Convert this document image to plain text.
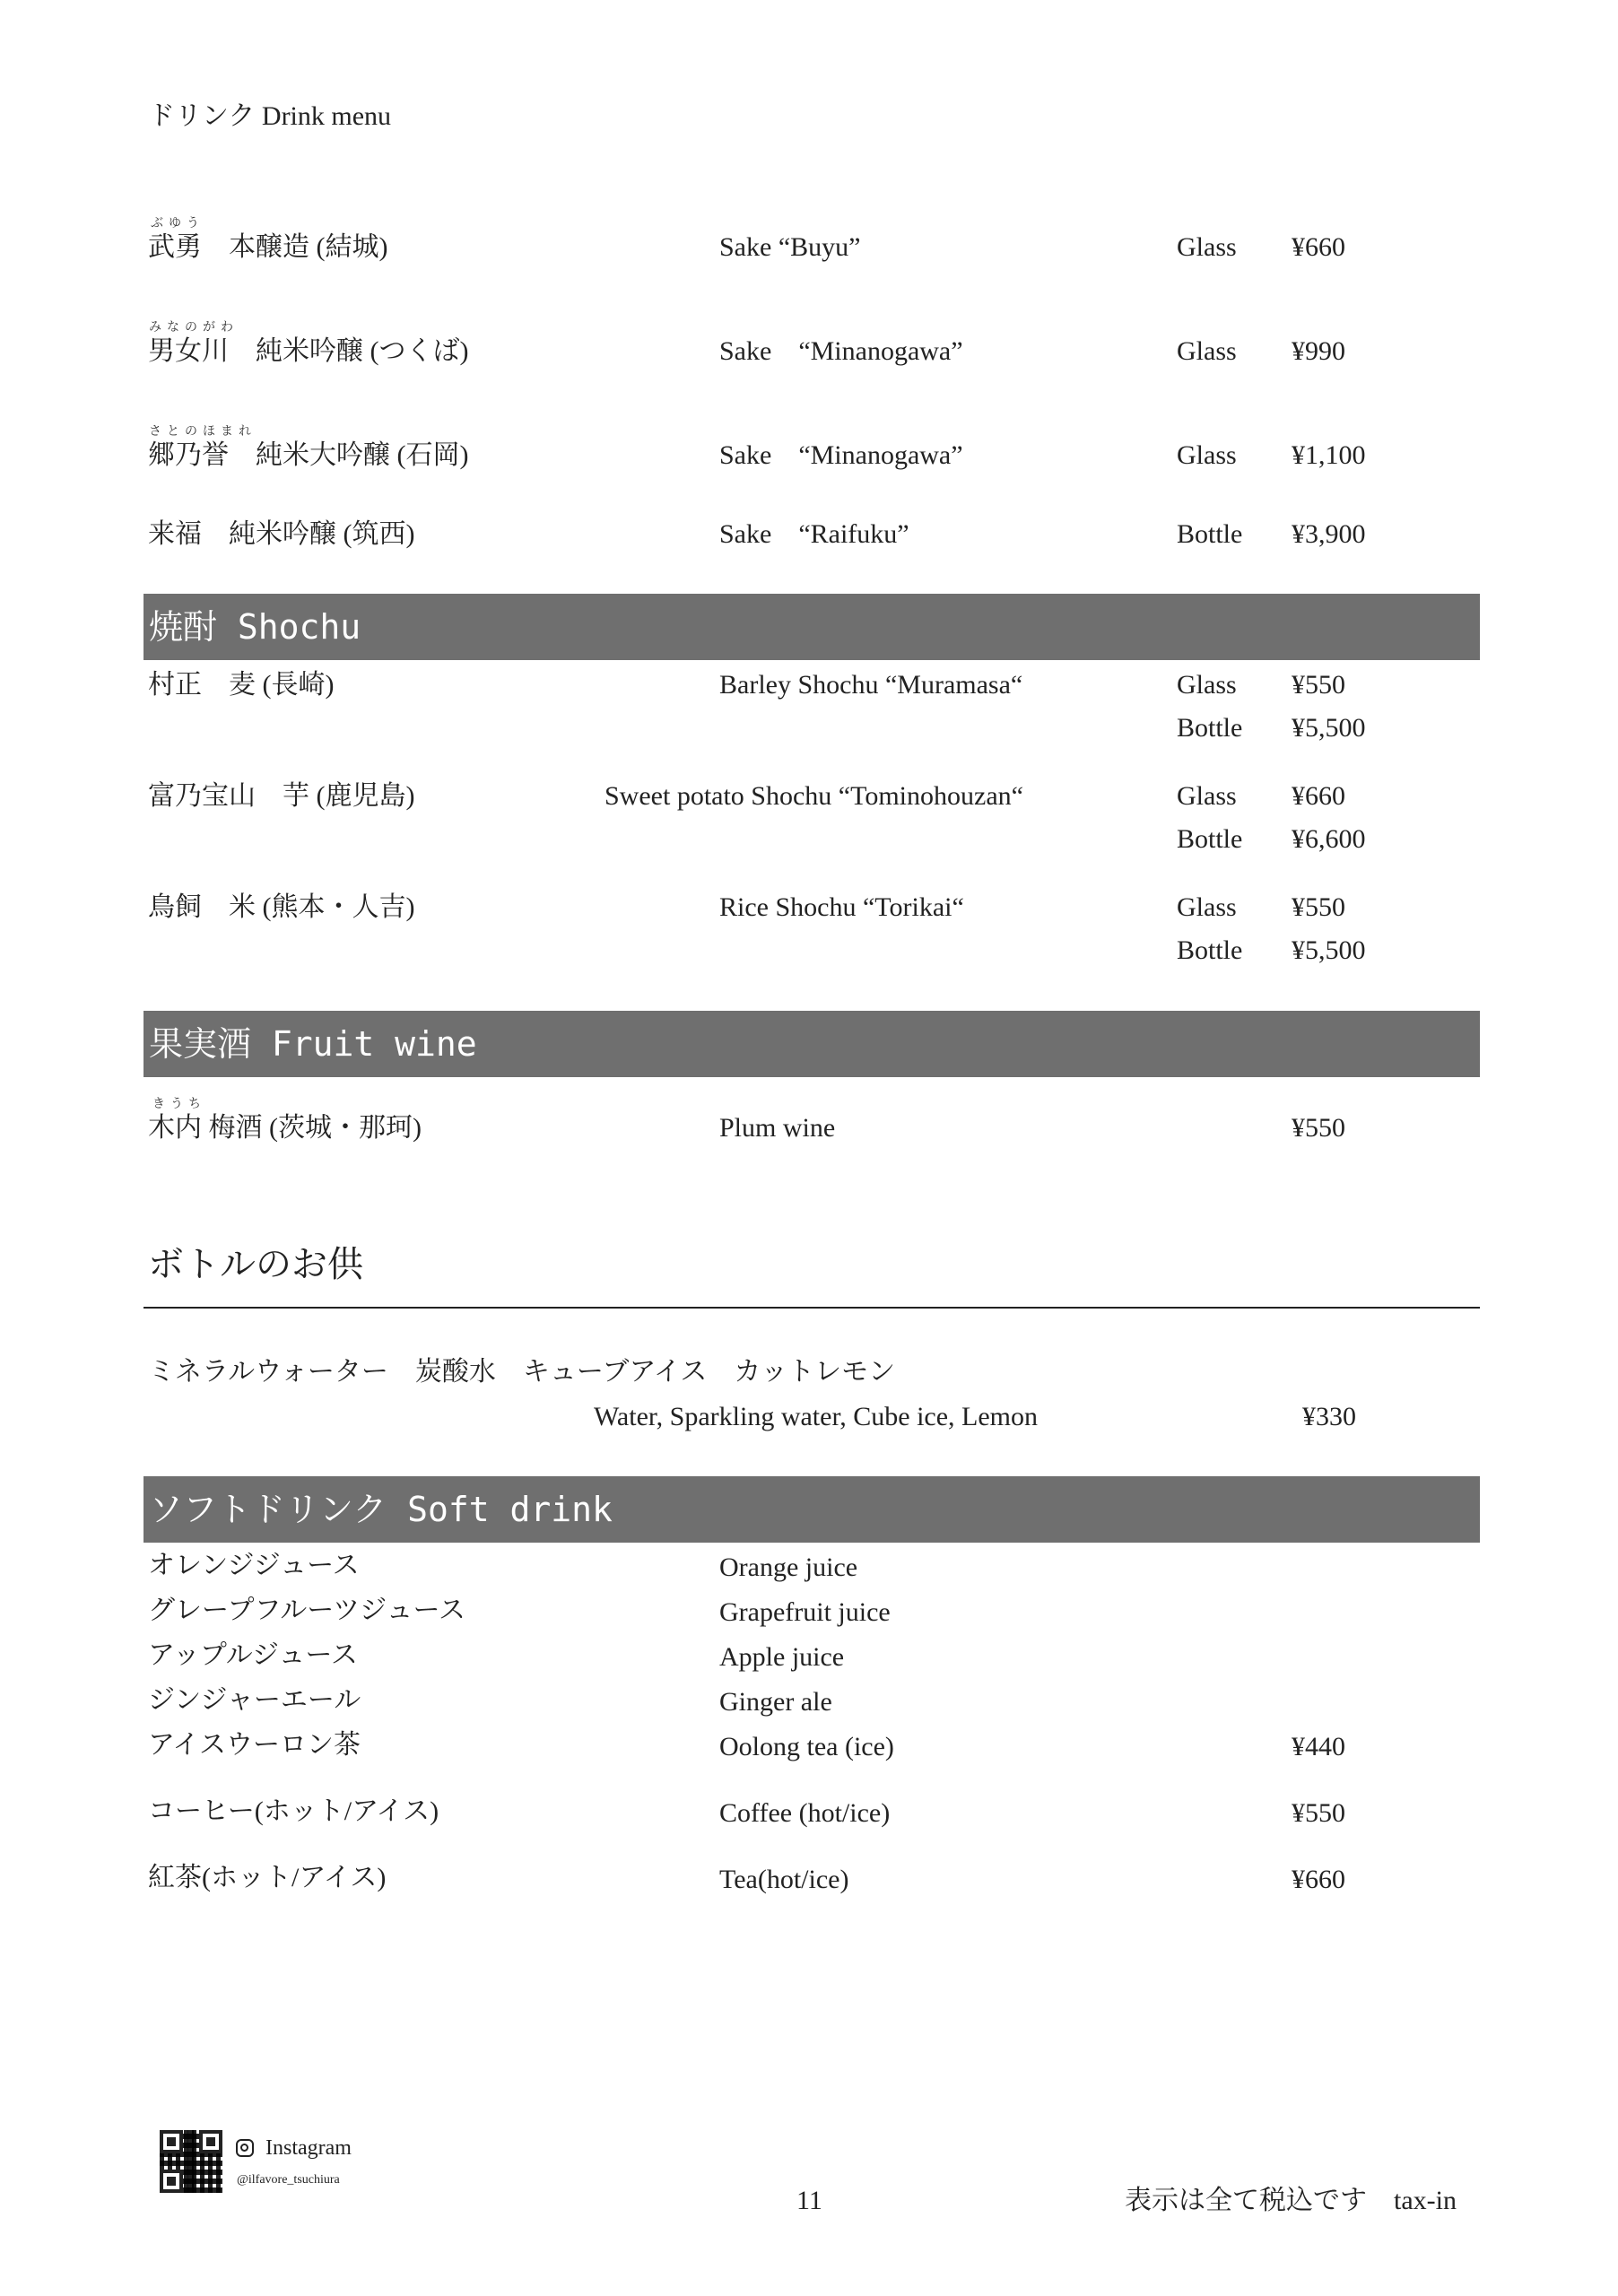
ドリンク Drink menu
ぶゆう
武勇　本醸造 (結城)	Sake “Buyu”	Glass ¥660
みなのがわ
男女川　純米吟醸 (つくば)	Sake　“Minanogawa”	Glass ¥990
さとのほまれ
郷乃誉　純米大吟醸 (石岡)	Sake　“Minanogawa”	Glass ¥1,100
来福　純米吟醸 (筑西)	Sake　“Raifuku”	Bottle ¥3,900
焼酎 Shochu
村正　麦 (長崎)	Barley Shochu “Muramasa“	Glass ¥550
Bottle ¥5,500
富乃宝山　芋 (鹿児島)	Sweet potato Shochu “Tominohouzan“	Glass ¥660
Bottle ¥6,600
鳥飼　米 (熊本・人吉)	Rice Shochu “Torikai“	Glass ¥550
Bottle ¥5,500
果実酒 Fruit wine
きうち
木内 梅酒 (茨城・那珂)	Plum wine	¥550
ボトルのお供
ミネラルウォーター　炭酸水　キューブアイス　カットレモン
Water, Sparkling water, Cube ice, Lemon	¥330
ソフトドリンク Soft drink
オレンジジュース	Orange juice
グレープフルーツジュース	Grapefruit juice
アップルジュース	Apple juice
ジンジャーエール	Ginger ale
アイスウーロン茶	Oolong tea (ice)	¥440
コーヒー(ホット/アイス)	Coffee (hot/ice)	¥550
紅茶(ホット/アイス)	Tea(hot/ice)	¥660
Instagram
@ilfavore_tsuchiura
11	表示は全て税込です　tax-in
